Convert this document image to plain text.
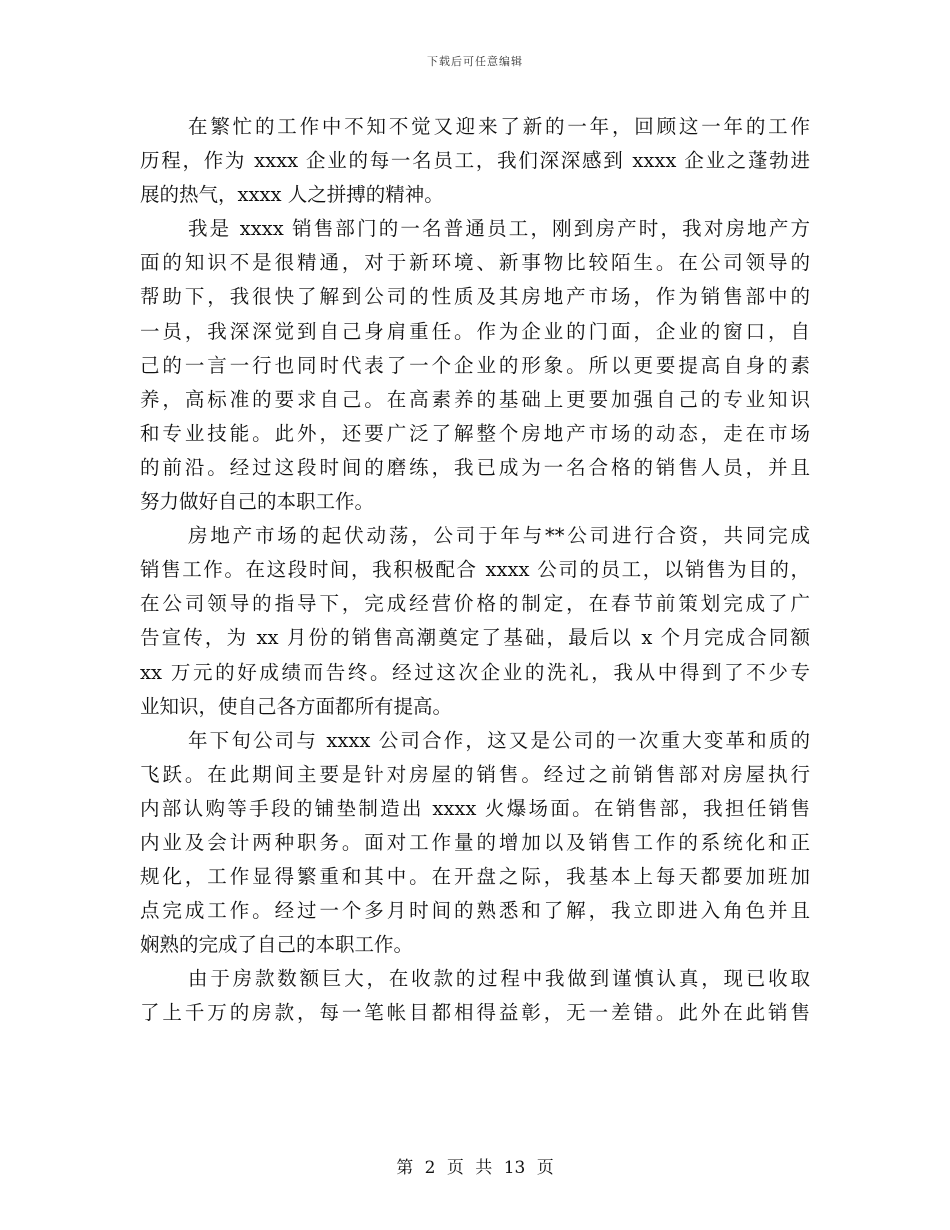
下载后可任意编辑
在繁忙的工作中不知不觉又迎来了新的一年，回顾这一年的工作
历程，作为 xxxx 企业的每一名员工，我们深深感到 xxxx 企业之蓬勃进
展的热气，xxxx 人之拼搏的精神。
我是 xxxx 销售部门的一名普通员工，刚到房产时，我对房地产方
面的知识不是很精通，对于新环境、新事物比较陌生。在公司领导的
帮助下，我很快了解到公司的性质及其房地产市场，作为销售部中的
一员，我深深觉到自己身肩重任。作为企业的门面，企业的窗口，自
己的一言一行也同时代表了一个企业的形象。所以更要提高自身的素
养，高标准的要求自己。在高素养的基础上更要加强自己的专业知识
和专业技能。此外，还要广泛了解整个房地产市场的动态，走在市场
的前沿。经过这段时间的磨练，我已成为一名合格的销售人员，并且
努力做好自己的本职工作。
房地产市场的起伏动荡，公司于年与**公司进行合资，共同完成
销售工作。在这段时间，我积极配合 xxxx 公司的员工，以销售为目的，
在公司领导的指导下，完成经营价格的制定，在春节前策划完成了广
告宣传，为 xx 月份的销售高潮奠定了基础，最后以 x 个月完成合同额
xx 万元的好成绩而告终。经过这次企业的洗礼，我从中得到了不少专
业知识，使自己各方面都所有提高。
年下旬公司与 xxxx 公司合作，这又是公司的一次重大变革和质的
飞跃。在此期间主要是针对房屋的销售。经过之前销售部对房屋执行
内部认购等手段的铺垫制造出 xxxx 火爆场面。在销售部，我担任销售
内业及会计两种职务。面对工作量的增加以及销售工作的系统化和正
规化，工作显得繁重和其中。在开盘之际，我基本上每天都要加班加
点完成工作。经过一个多月时间的熟悉和了解，我立即进入角色并且
娴熟的完成了自己的本职工作。
由于房款数额巨大，在收款的过程中我做到谨慎认真，现已收取
了上千万的房款，每一笔帐目都相得益彰，无一差错。此外在此销售
第 2 页 共 13 页
